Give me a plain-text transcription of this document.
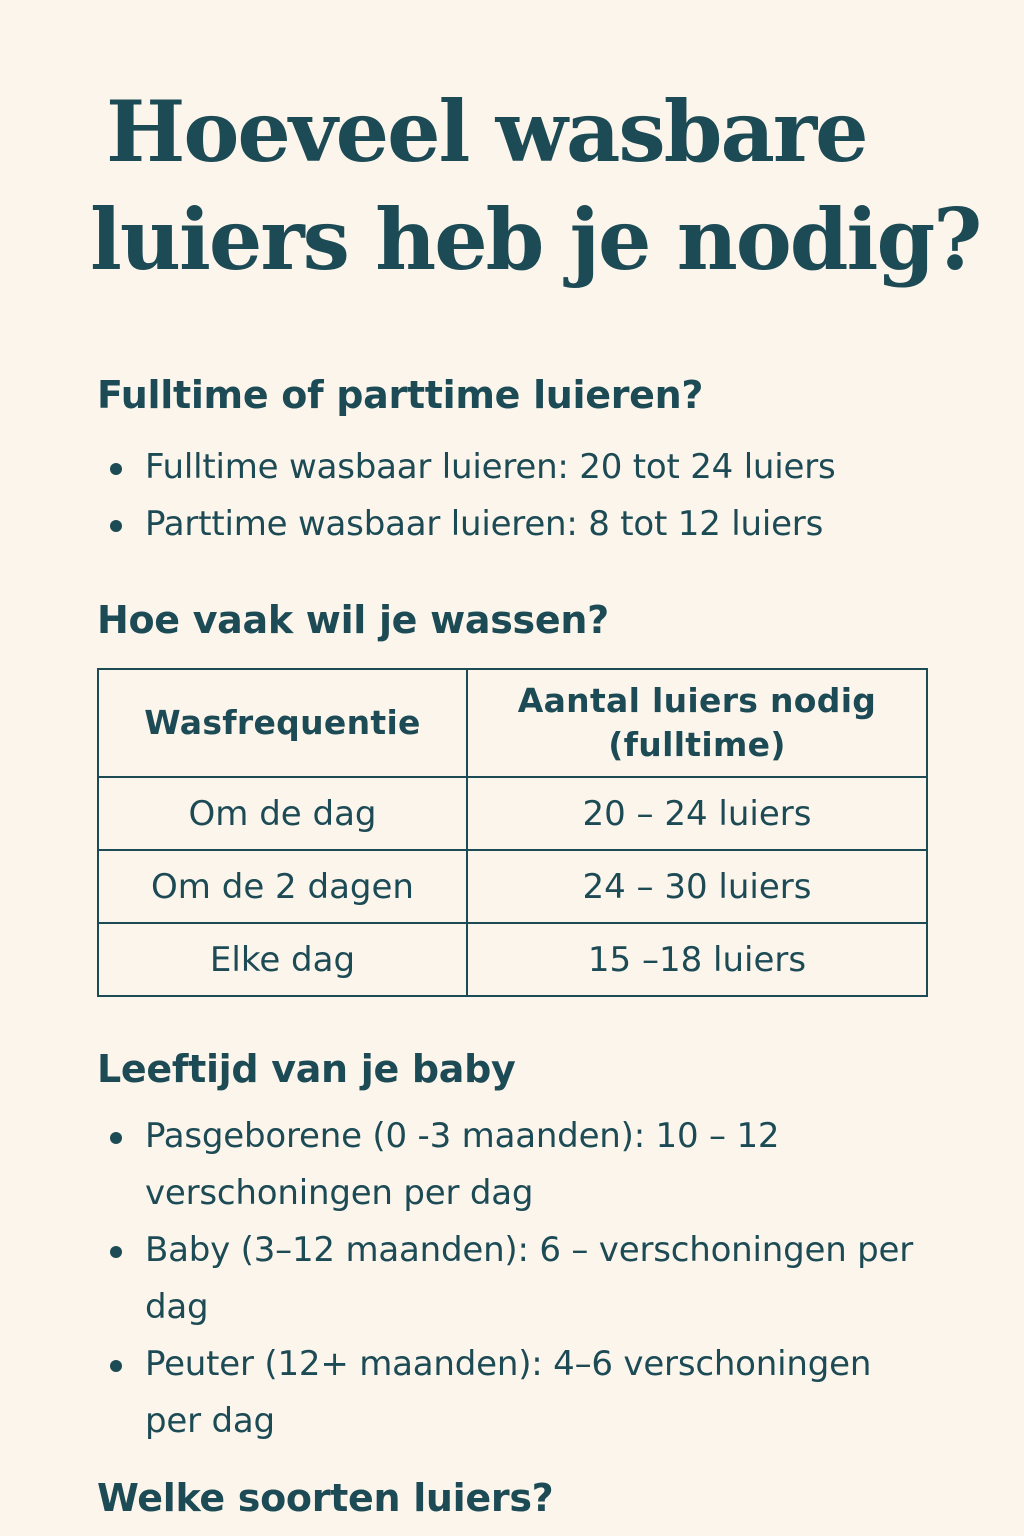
Hoeveel wasbare
luiers heb je nodig?
Fulltime of parttime luieren?
Fulltime wasbaar luieren: 20 tot 24 luiers
Parttime wasbaar luieren: 8 tot 12 luiers
Hoe vaak wil je wassen?
Wasfrequentie	Aantal luiers nodig (fulltime)

Om de dag	20 – 24 luiers
Om de 2 dagen	24 – 30 luiers
Elke dag	15 –18 luiers
Leeftijd van je baby
Pasgeborene (0 -3 maanden): 10 – 12 verschoningen per dag
Baby (3–12 maanden): 6 – verschoningen per dag
Peuter (12+ maanden): 4–6 verschoningen per dag
Welke soorten luiers?
